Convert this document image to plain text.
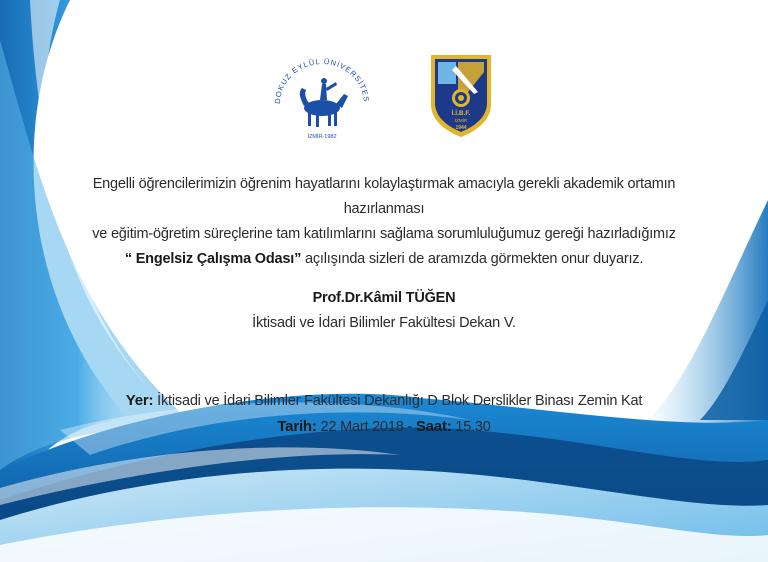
DOKUZ EYLÜL ÜNİVERSİTES
İZMİR-1982
İ.İ.B.F.
İZMİR
1944
Engelli öğrencilerimizin öğrenim hayatlarını kolaylaştırmak amacıyla gerekli akademik ortamın hazırlanması
ve eğitim-öğretim süreçlerine tam katılımlarını sağlama sorumluluğumuz gereği hazırladığımız
“ Engelsiz Çalışma Odası” açılışında sizleri de aramızda görmekten onur duyarız.
Prof.Dr.Kâmil TÜĞEN
İktisadi ve İdari Bilimler Fakültesi Dekan V.
Yer: İktisadi ve İdari Bilimler Fakültesi Dekanlığı D Blok Derslikler Binası Zemin Kat
Tarih: 22 Mart 2018 - Saat: 15.30
